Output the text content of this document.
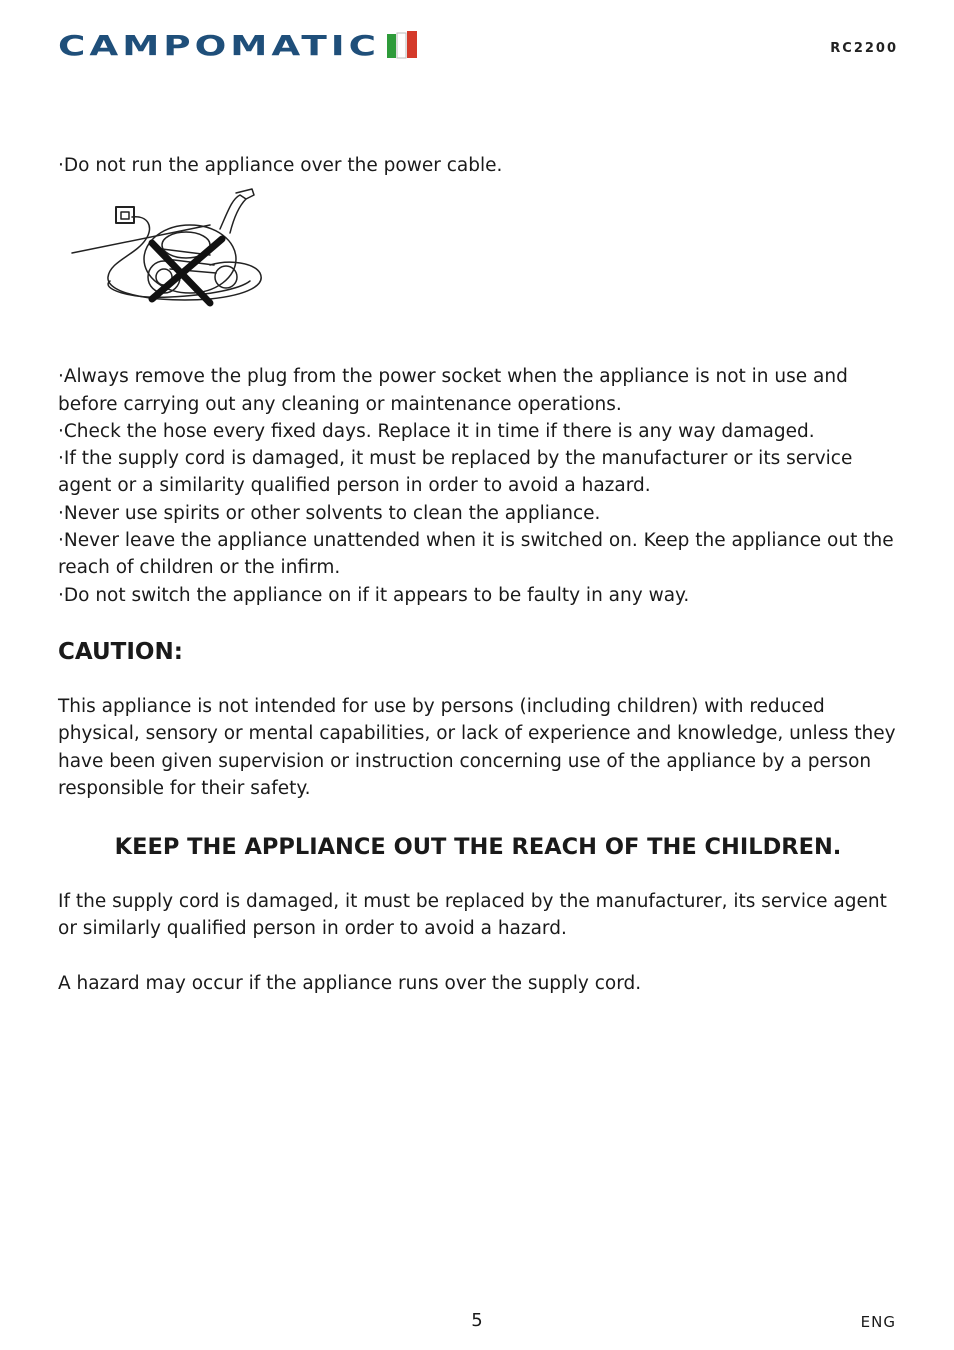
CAMPOMATIC	RC2200

·Do not run the appliance over the power cable.

·Always remove the plug from the power socket when the appliance is not in use and before carrying out any cleaning or maintenance operations.

·Check the hose every fixed days. Replace it in time if there is any way damaged.

·If the supply cord is damaged, it must be replaced by the manufacturer or its service agent or a similarity qualified person in order to avoid a hazard.

·Never use spirits or other solvents to clean the appliance.

·Never leave the appliance unattended when it is switched on. Keep the appliance out the reach of children or the infirm.

·Do not switch the appliance on if it appears to be faulty in any way.

CAUTION:

This appliance is not intended for use by persons (including children) with reduced physical, sensory or mental capabilities, or lack of experience and knowledge, unless they have been given supervision or instruction concerning use of the appliance by a person responsible for their safety.

KEEP THE APPLIANCE OUT THE REACH OF THE CHILDREN.

If the supply cord is damaged, it must be replaced by the manufacturer, its service agent or similarly qualified person in order to avoid a hazard.

A hazard may occur if the appliance runs over the supply cord.

5	ENG
